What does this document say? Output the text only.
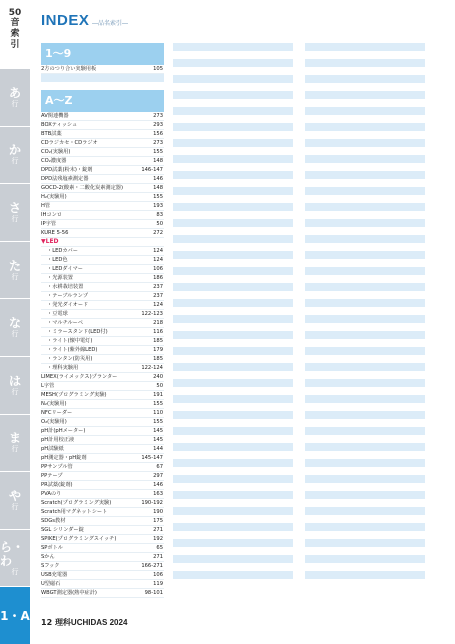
50
音
索
引
あ
行
か
行
さ
行
た
行
な
行
は
行
ま
行
や
行
ら・わ
行
1・A
INDEX ―品名索引―
1～9
2方のつり合い実験用板	105
A～Z
AV関連機器	273
BOXティッシュ	293
BTB試薬	156
CDラジカセ・CDラジオ	273
CO₂(実験用)	155
CO₂濃度器	148
DPD試薬(粉末)・錠剤	146-147
DPD法残塩素測定器	146
GOCD-2(酸素・二酸化炭素測定器)	148
H₂(実験用)	155
H管	193
IHコンロ	83
IP字管	50
KURE 5-56	272
▼LED
・LEDカバー	124
・LED色	124
・LEDダイマー	106
・光源装置	186
・水耕栽培装置	237
・テーブルランプ	237
・発光ダイオード	124
・豆電球	122-123
・マルチルーペ	218
・ミラースタンド(LED付)	116
・ライト(懐中電灯)	185
・ライト(紫外線LED)	179
・ランタン(防災用)	185
・理科実験用	122-124
LIMEX(ライメックス)プランター	240
L字管	50
MESH(プログラミング実験)	191
N₂(実験用)	155
NFCリーダー	110
O₂(実験用)	155
pH計(pHメーター)	145
pH計用校正液	145
pH試験紙	144
pH測定器・pH錠剤	145-147
PPサンプル管	67
PPテープ	297
PR試薬(錠剤)	146
PVAのり	163
Scratch(プログラミング実験)	190-192
Scratch用マグネットシート	190
SDGs教材	175
SGL シリンダー錠	271
SPIKE(プログラミングスイッチ)	192
SPボトル	65
Sかん	271
Sフック	166-271
USB充電器	106
U型磁石	119
WBGT測定器(熱中症計)	98-101
12 理科UCHIDAS 2024
